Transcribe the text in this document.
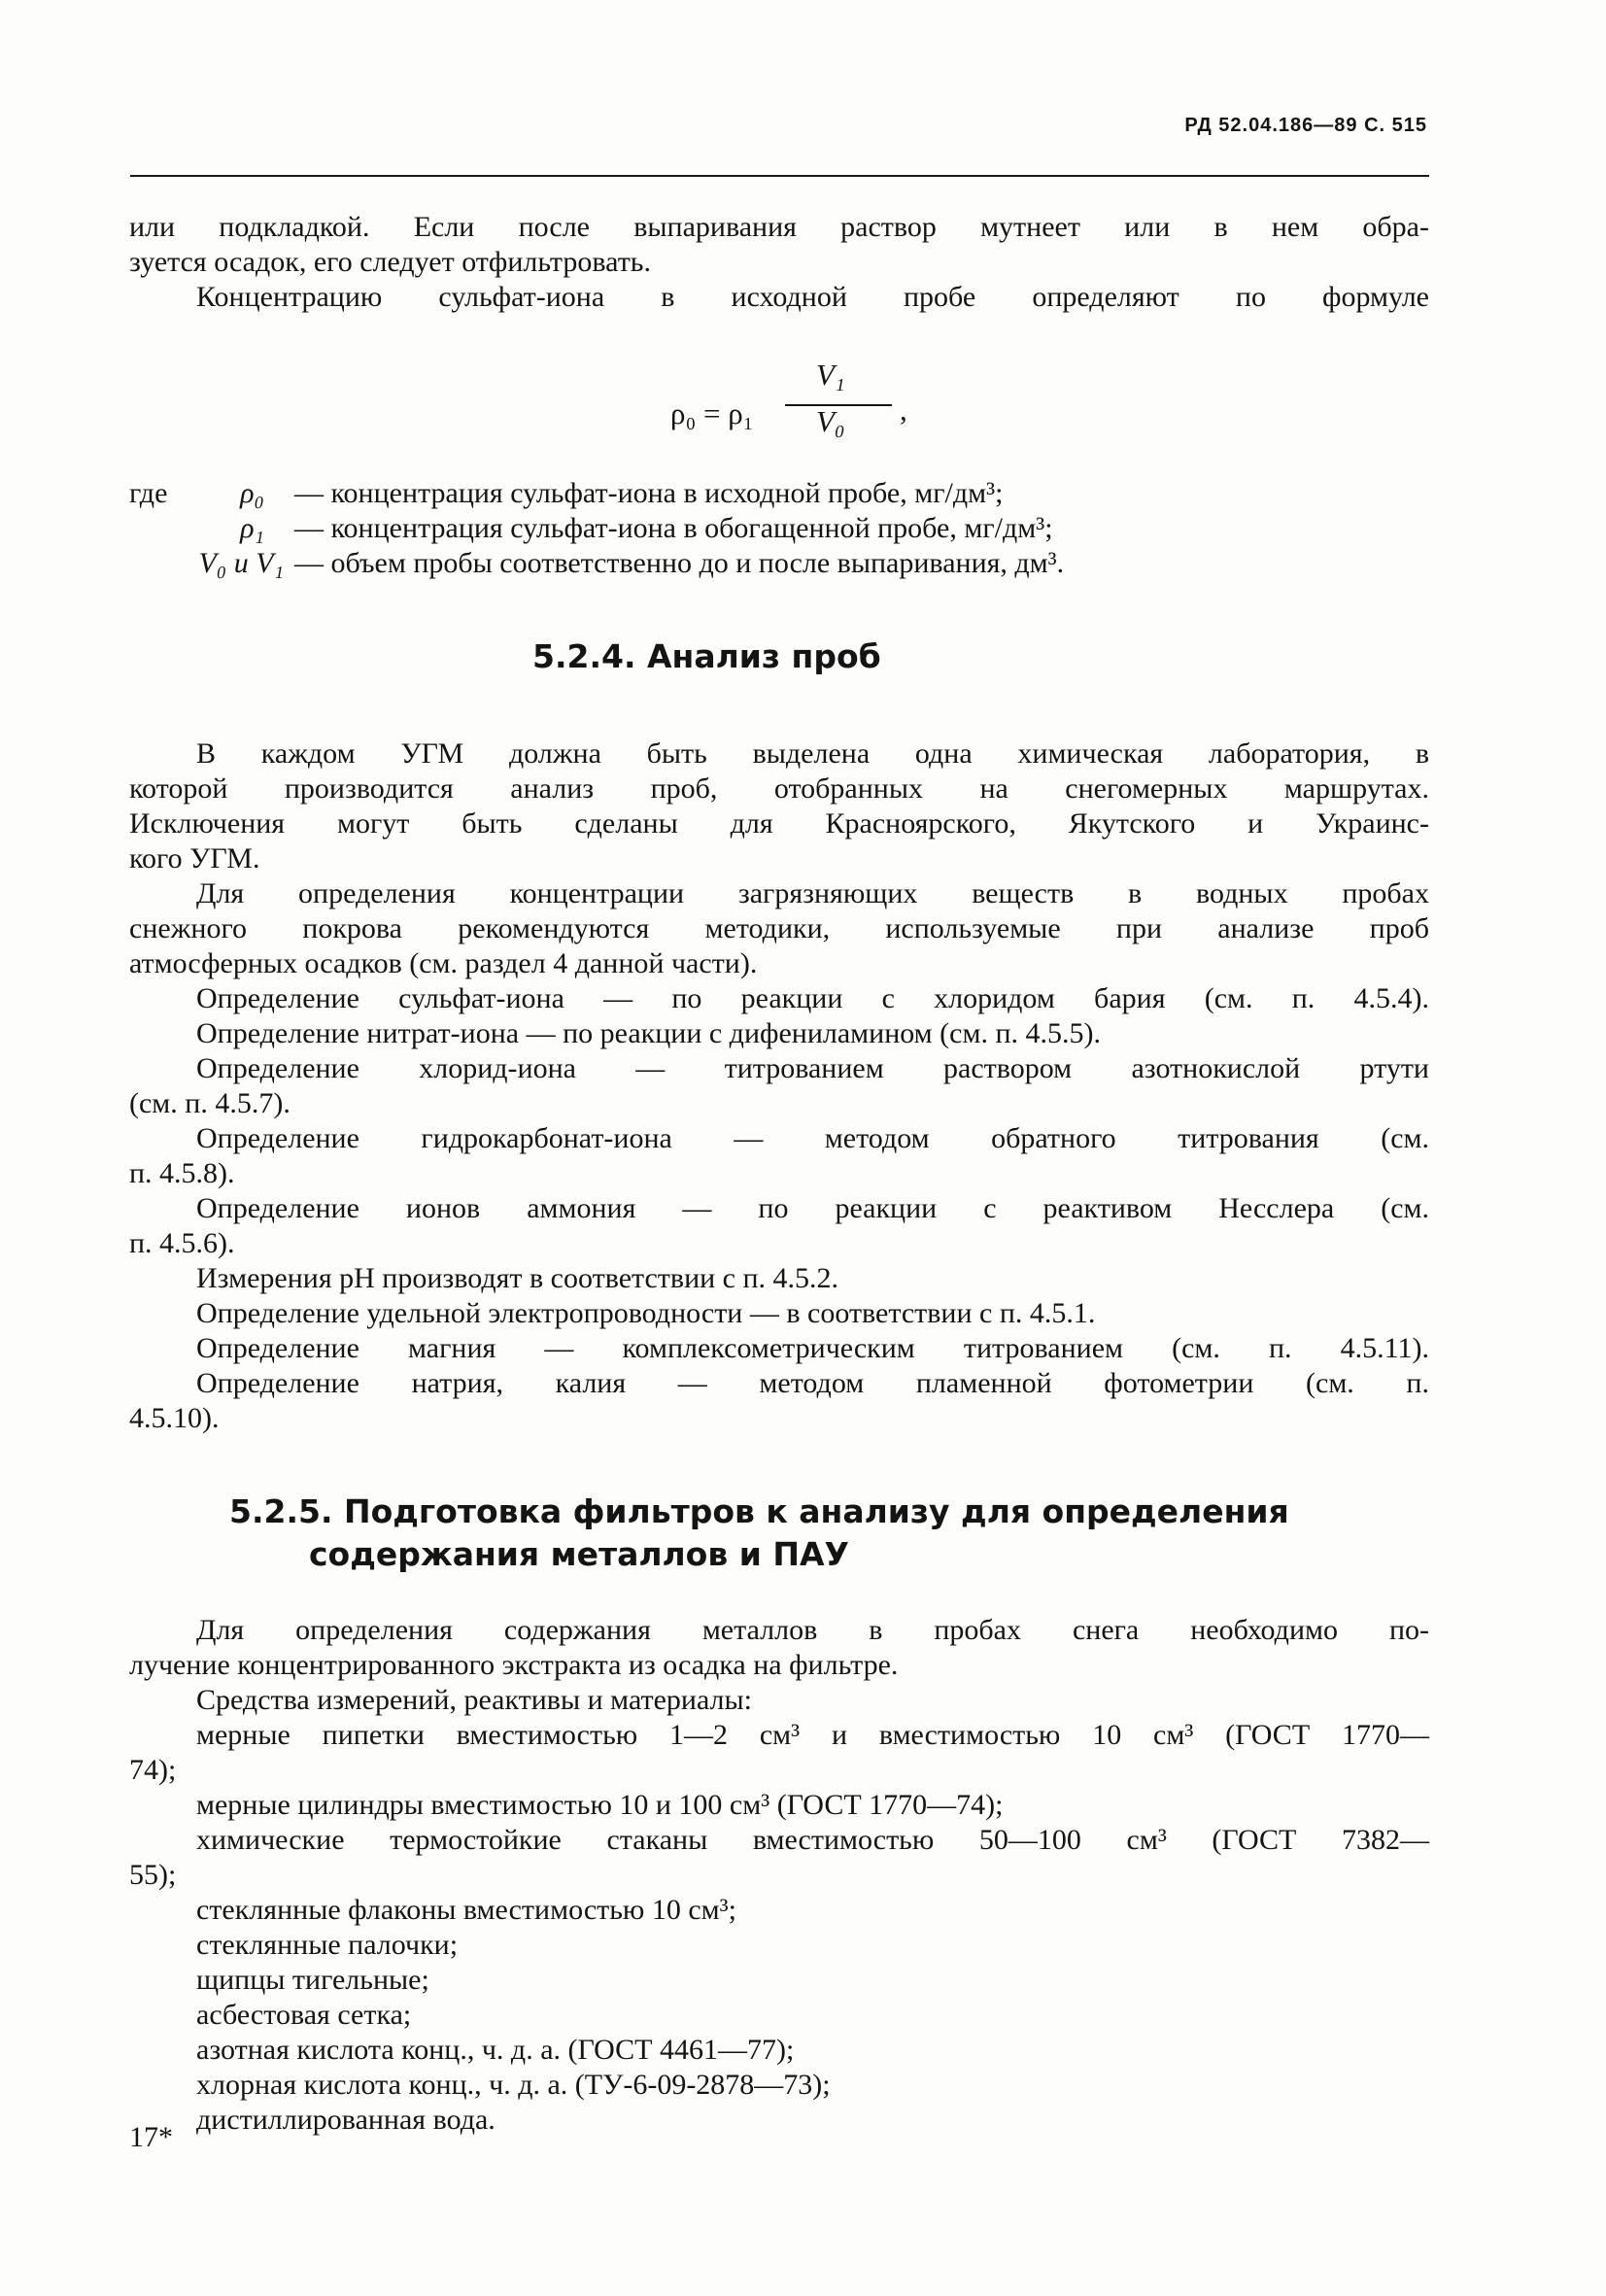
РД 52.04.186—89 С. 515
или подкладкой. Если после выпаривания раствор мутнеет или в нем обра-
зуется осадок, его следует отфильтровать.
Концентрацию сульфат-иона в исходной пробе определяют по формуле
ρ₀ = ρ₁
V₁
V₀ ,
где	ρ₀ — концентрация сульфат-иона в исходной пробе, мг/дм³;
ρ₁ — концентрация сульфат-иона в обогащенной пробе, мг/дм³;
V₀ и V₁ — объем пробы соответственно до и после выпаривания, дм³.
5.2.4. Анализ проб
В каждом УГМ должна быть выделена одна химическая лаборатория, в
которой производится анализ проб, отобранных на снегомерных маршрутах.
Исключения могут быть сделаны для Красноярского, Якутского и Украинс-
кого УГМ.
Для определения концентрации загрязняющих веществ в водных пробах
снежного покрова рекомендуются методики, используемые при анализе проб
атмосферных осадков (см. раздел 4 данной части).
Определение сульфат-иона — по реакции с хлоридом бария (см. п. 4.5.4).
Определение нитрат-иона — по реакции с дифениламином (см. п. 4.5.5).
Определение хлорид-иона — титрованием раствором азотнокислой ртути
(см. п. 4.5.7).
Определение гидрокарбонат-иона — методом обратного титрования (см.
п. 4.5.8).
Определение ионов аммония — по реакции с реактивом Несслера (см.
п. 4.5.6).
Измерения pH производят в соответствии с п. 4.5.2.
Определение удельной электропроводности — в соответствии с п. 4.5.1.
Определение магния — комплексометрическим титрованием (см. п. 4.5.11).
Определение натрия, калия — методом пламенной фотометрии (см. п.
4.5.10).
5.2.5. Подготовка фильтров к анализу для определения
содержания металлов и ПАУ
Для определения содержания металлов в пробах снега необходимо по-
лучение концентрированного экстракта из осадка на фильтре.
Средства измерений, реактивы и материалы:
мерные пипетки вместимостью 1—2 см³ и вместимостью 10 см³ (ГОСТ 1770—
74);
мерные цилиндры вместимостью 10 и 100 см³ (ГОСТ 1770—74);
химические термостойкие стаканы вместимостью 50—100 см³ (ГОСТ 7382—
55);
стеклянные флаконы вместимостью 10 см³;
стеклянные палочки;
щипцы тигельные;
асбестовая сетка;
азотная кислота конц., ч. д. а. (ГОСТ 4461—77);
хлорная кислота конц., ч. д. а. (ТУ-6-09-2878—73);
дистиллированная вода.
17*
